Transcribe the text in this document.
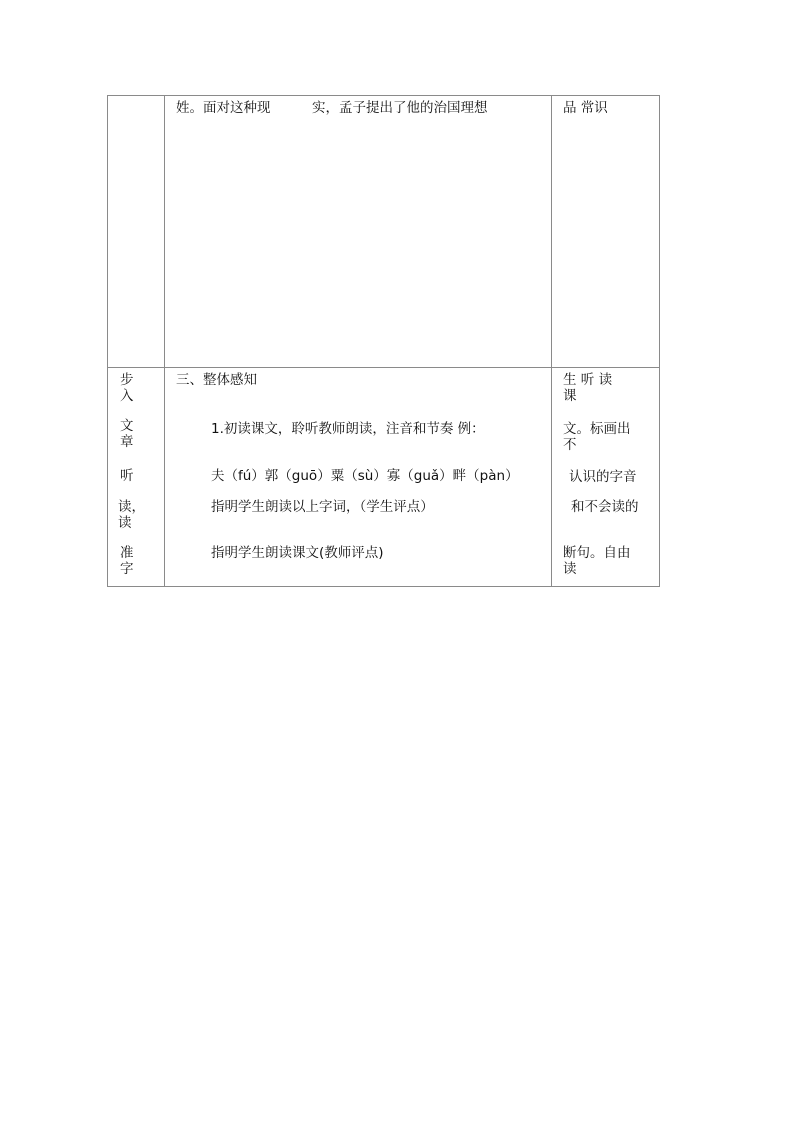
姓。面对这种现	实，孟子提出了他的治国理想	品 常识
步
入
文
章
听
读，
读
准
字
三、整体感知
1.初读课文，聆听教师朗读，注音和节奏 例：
夫（fú）郭（guō）粟（sù）寡（guǎ）畔（pàn）
指明学生朗读以上字词，（学生评点）
指明学生朗读课文(教师评点)
生 听 读
课
文。标画出
不
认识的字音
和不会读的
断句。自由
读
